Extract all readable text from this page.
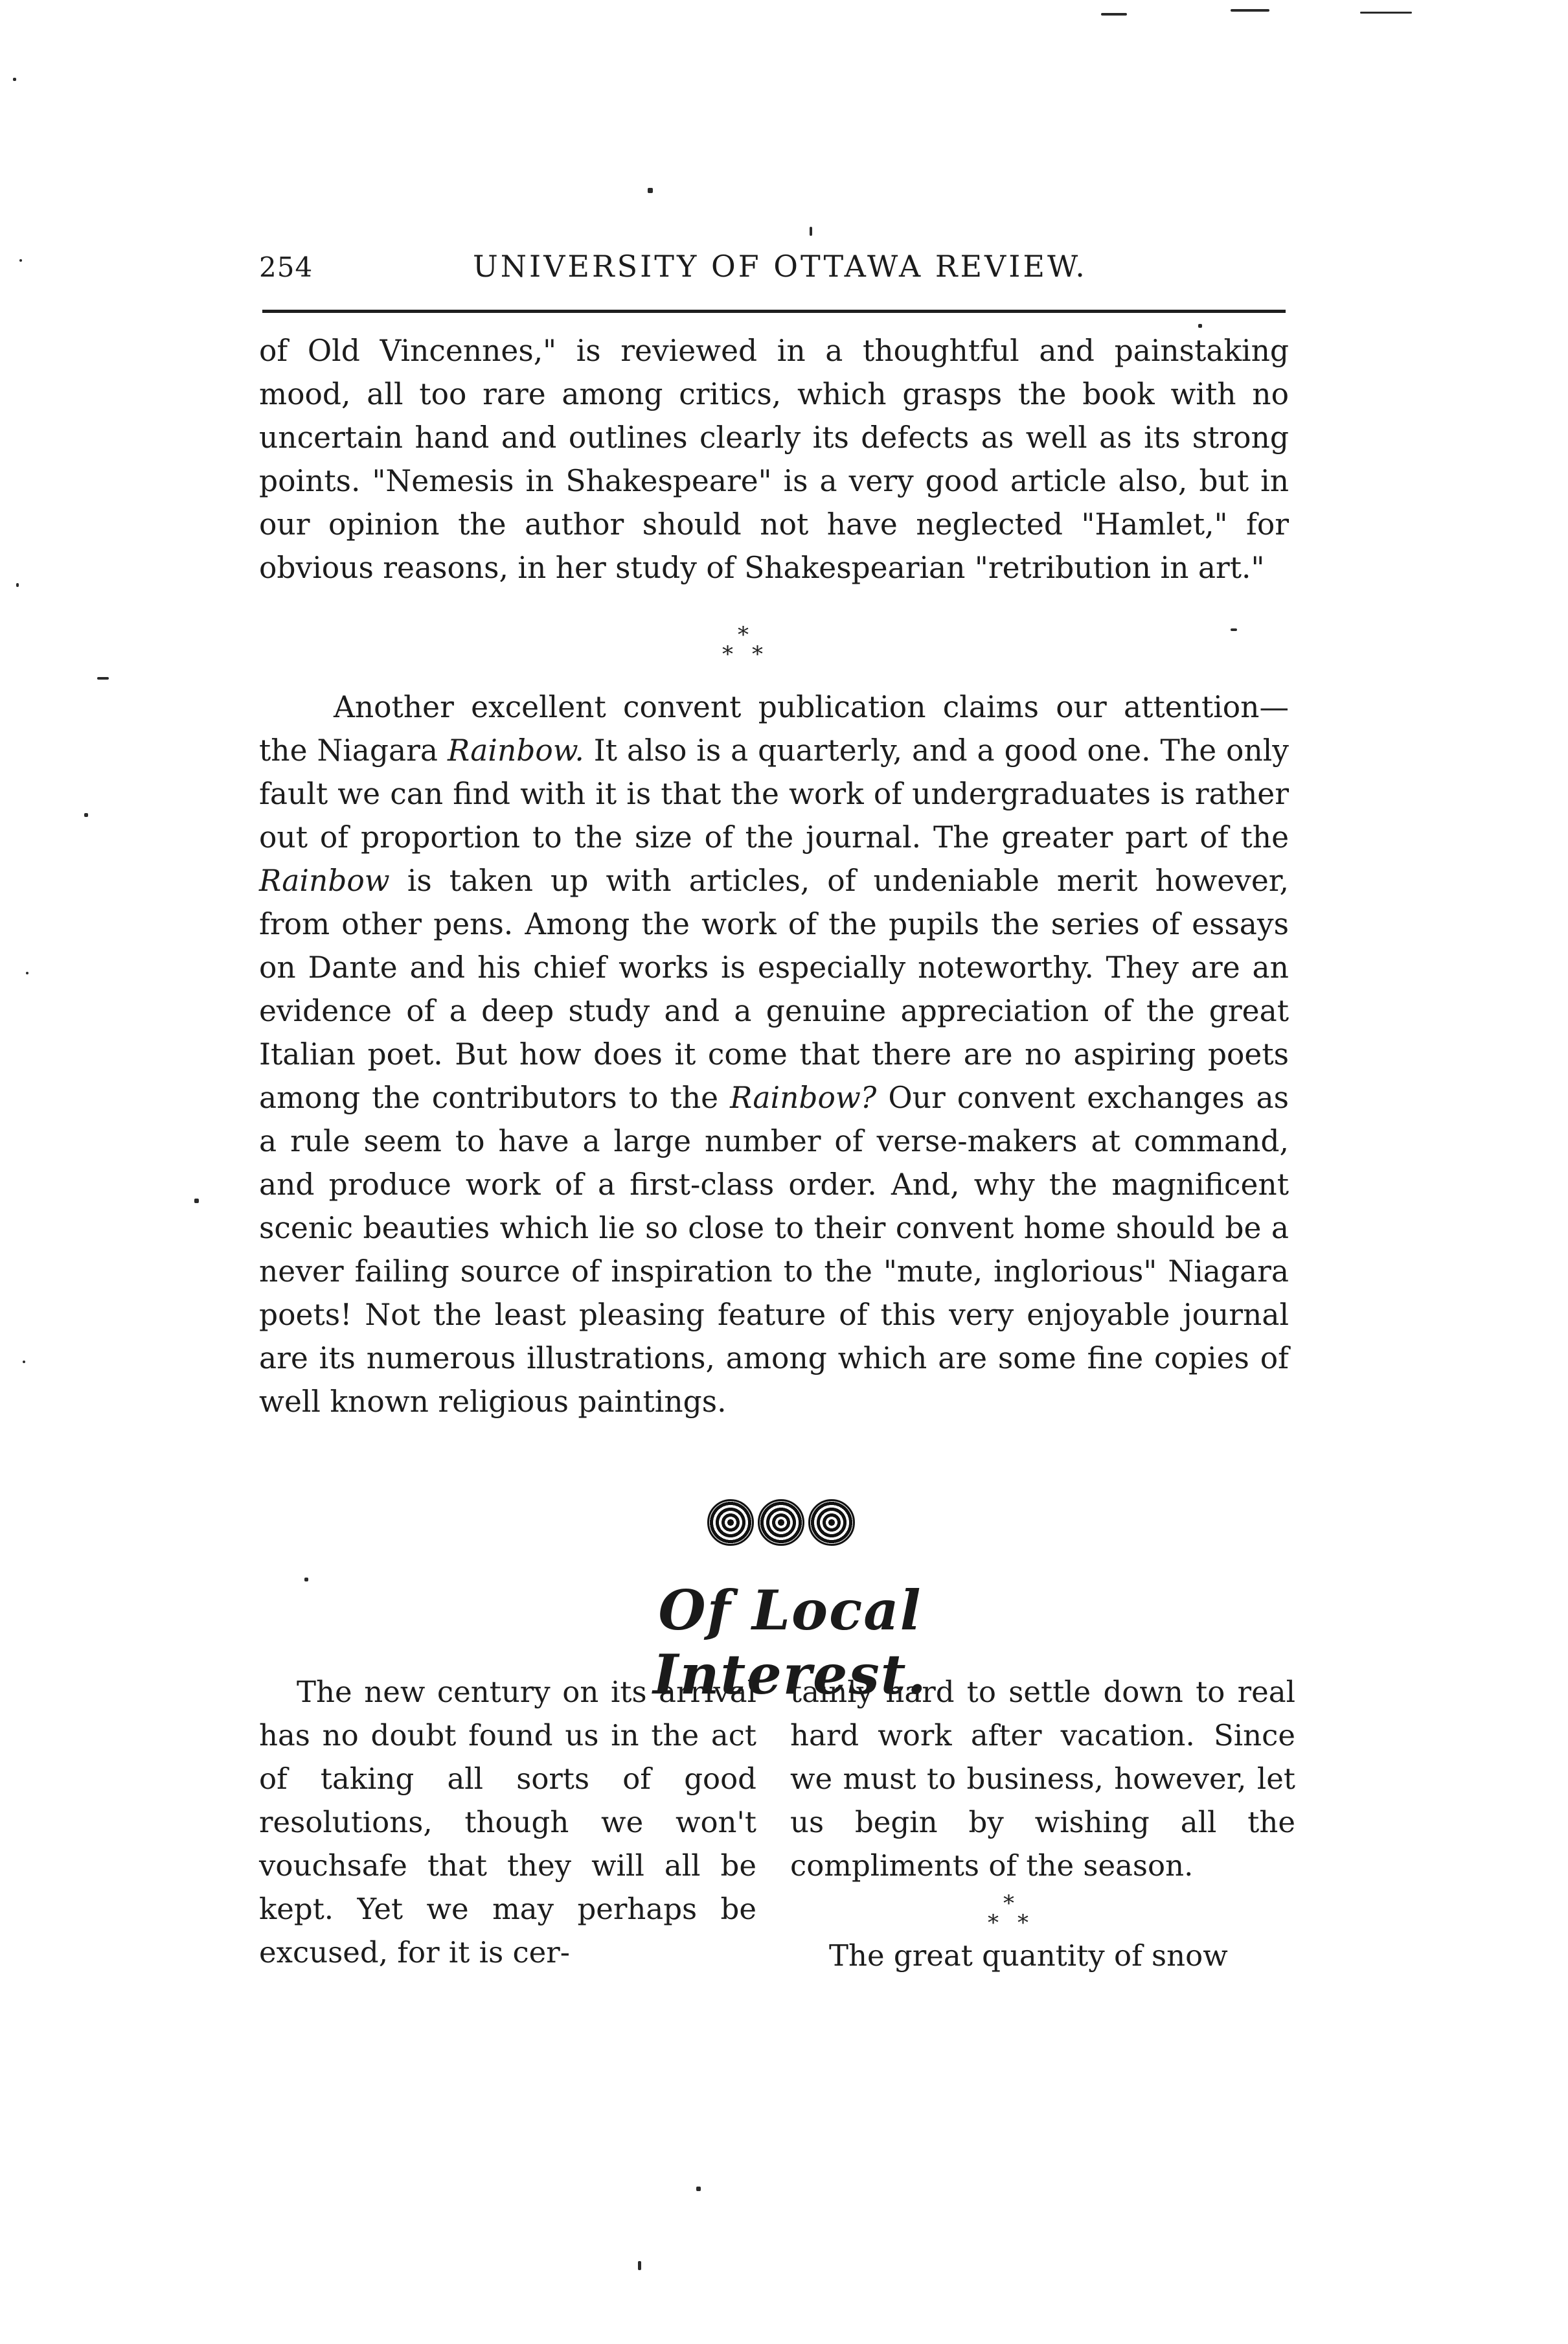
254	UNIVERSITY OF OTTAWA REVIEW.

of Old Vincennes," is reviewed in a thoughtful and painstaking mood, all too rare among critics, which grasps the book with no uncertain hand and outlines clearly its defects as well as its strong points. "Nemesis in Shakespeare" is a very good article also, but in our opinion the author should not have neglected "Hamlet," for obvious reasons, in her study of Shakespearian "retribution in art."

*
* *

Another excellent convent publication claims our attention—the Niagara Rainbow. It also is a quarterly, and a good one. The only fault we can find with it is that the work of undergraduates is rather out of proportion to the size of the journal. The greater part of the Rainbow is taken up with articles, of undeniable merit however, from other pens. Among the work of the pupils the series of essays on Dante and his chief works is especially noteworthy. They are an evidence of a deep study and a genuine appreciation of the great Italian poet. But how does it come that there are no aspiring poets among the contributors to the Rainbow? Our convent exchanges as a rule seem to have a large number of verse-makers at command, and produce work of a first-class order. And, why the magnificent scenic beauties which lie so close to their convent home should be a never failing source of inspiration to the "mute, inglorious" Niagara poets! Not the least pleasing feature of this very enjoyable journal are its numerous illustrations, among which are some fine copies of well known religious paintings.

Of Local Interest.

The new century on its arrival has no doubt found us in the act of taking all sorts of good resolutions, though we won't vouchsafe that they will all be kept. Yet we may perhaps be excused, for it is cer-

tainly hard to settle down to real hard work after vacation. Since we must to business, however, let us begin by wishing all the compliments of the season.

*
* *

The great quantity of snow
